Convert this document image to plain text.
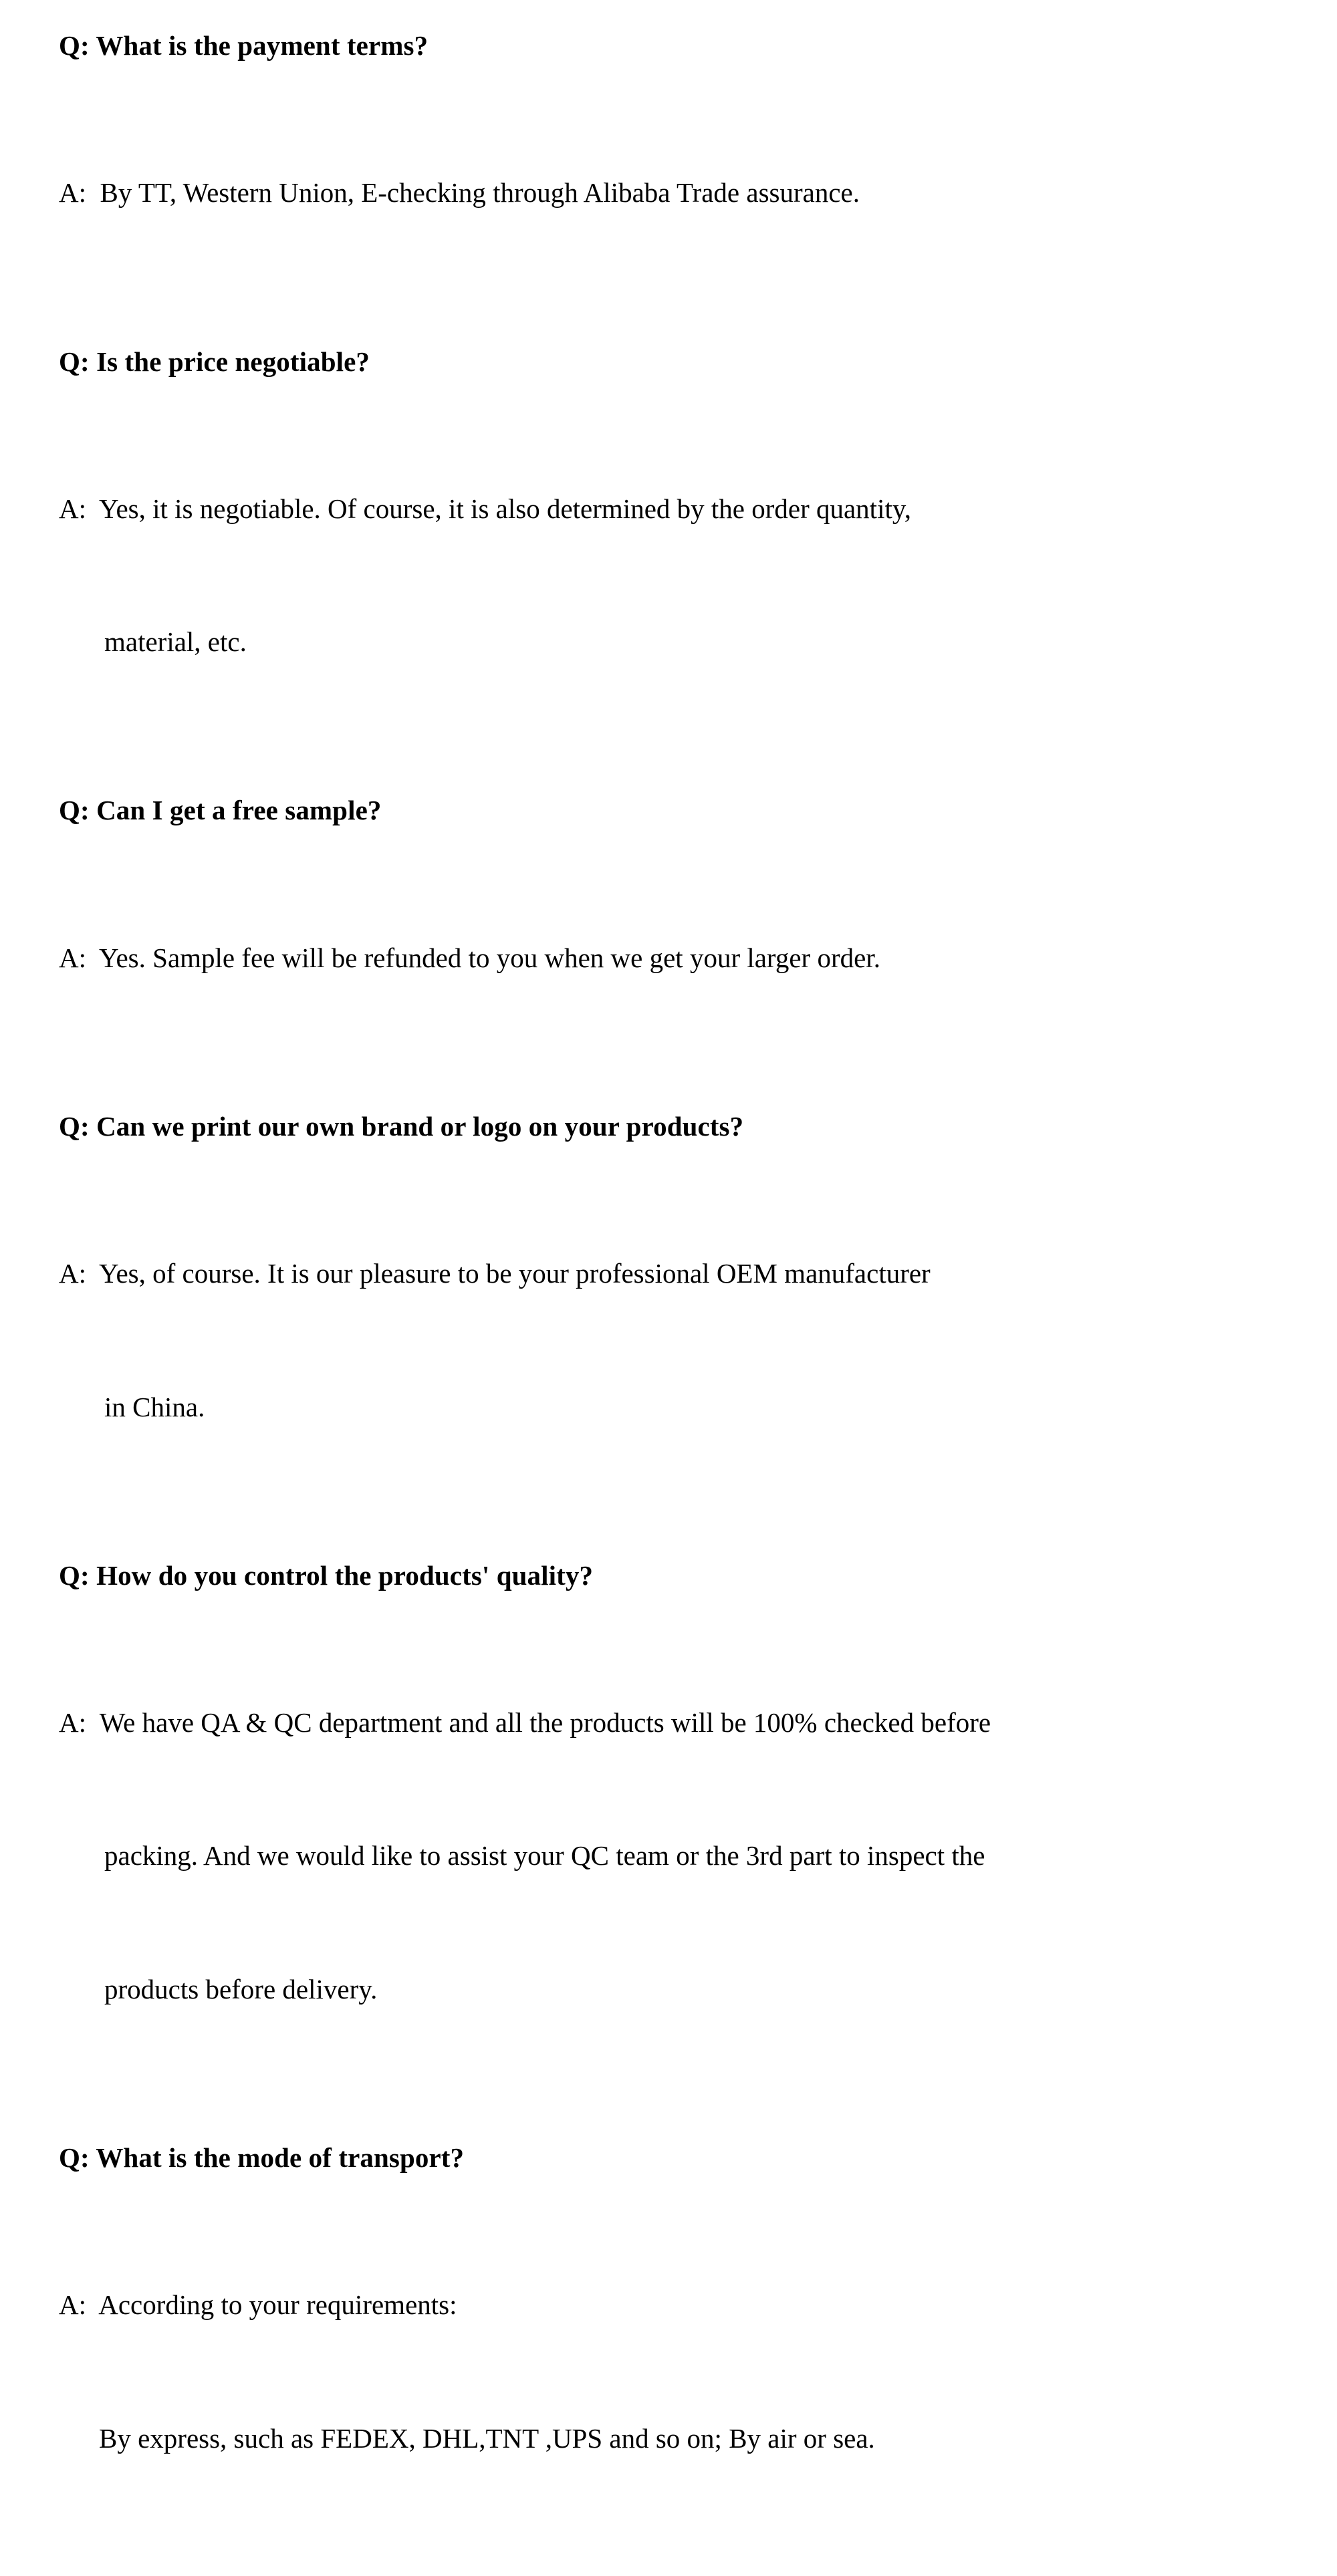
Q: What is the payment terms?

A:  By TT, Western Union, E-checking through Alibaba Trade assurance.

Q: Is the price negotiable?

A:  Yes, it is negotiable. Of course, it is also determined by the order quantity,

material, etc.

Q: Can I get a free sample?

A:  Yes. Sample fee will be refunded to you when we get your larger order.

Q: Can we print our own brand or logo on your products?

A:  Yes, of course. It is our pleasure to be your professional OEM manufacturer

in China.

Q: How do you control the products' quality?

A:  We have QA & QC department and all the products will be 100% checked before

packing. And we would like to assist your QC team or the 3rd part to inspect the

products before delivery.

Q: What is the mode of transport?

A:  According to your requirements:

By express, such as FEDEX, DHL,TNT ,UPS and so on; By air or sea.
